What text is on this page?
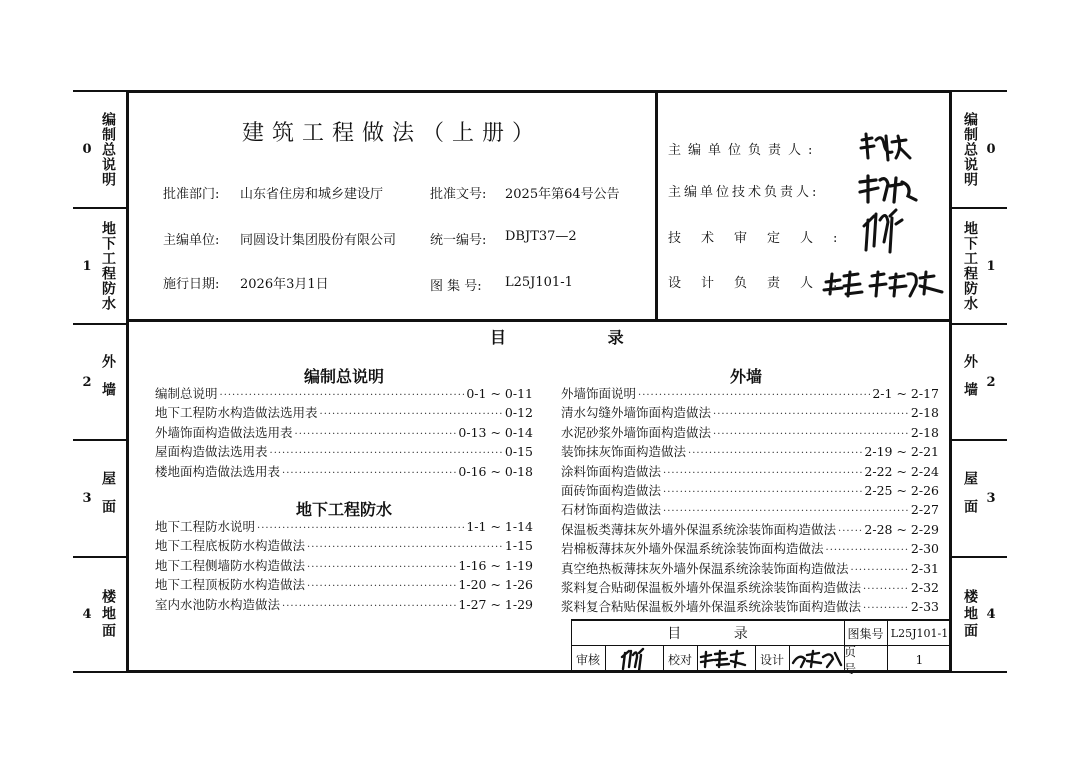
0 编制总说明
1 地下工程防水
2 外墙
3 屋面
4 楼地面
编制总说明 0
地下工程防水 1
外墙 2
屋面 3
楼地面 4
建筑工程做法（上册）
批准部门: 山东省住房和城乡建设厅	批准文号: 2025年第64号公告
主编单位: 同圆设计集团股份有限公司	统一编号: DBJT37—2
施行日期: 2026年3月1日	图 集 号: L25J101-1
主编单位负责人:
主编单位技术负责人:
技术审定人:
设计负责人:
目 录
编制总说明
地下工程防水
外墙
编制总说明 ·····	0-1 ~ 0-11
地下工程防水构造做法选用表 ·····	0-12
外墙饰面构造做法选用表 ·····	0-13 ~ 0-14
屋面构造做法选用表 ·····	0-15
楼地面构造做法选用表 ·····	0-16 ~ 0-18
地下工程防水说明 ·····	1-1 ~ 1-14
地下工程底板防水构造做法 ·····	1-15
地下工程侧墙防水构造做法 ·····	1-16 ~ 1-19
地下工程顶板防水构造做法 ·····	1-20 ~ 1-26
室内水池防水构造做法 ·····	1-27 ~ 1-29
外墙饰面说明 ·····	2-1 ~ 2-17
清水勾缝外墙饰面构造做法 ·····	2-18
水泥砂浆外墙饰面构造做法 ·····	2-18
装饰抹灰饰面构造做法 ·····	2-19 ~ 2-21
涂料饰面构造做法 ·····	2-22 ~ 2-24
面砖饰面构造做法 ·····	2-25 ~ 2-26
石材饰面构造做法 ·····	2-27
保温板类薄抹灰外墙外保温系统涂装饰面构造做法 ····· 2-28 ~ 2-29
岩棉板薄抹灰外墙外保温系统涂装饰面构造做法 ·····	2-30
真空绝热板薄抹灰外墙外保温系统涂装饰面构造做法 ·····	2-31
浆料复合贴砌保温板外墙外保温系统涂装饰面构造做法 ·····	2-32
浆料复合粘贴保温板外墙外保温系统涂装饰面构造做法 ·····	2-33
目 录	图集号 L25J101-1
审核	校对	设计
页 号
1
